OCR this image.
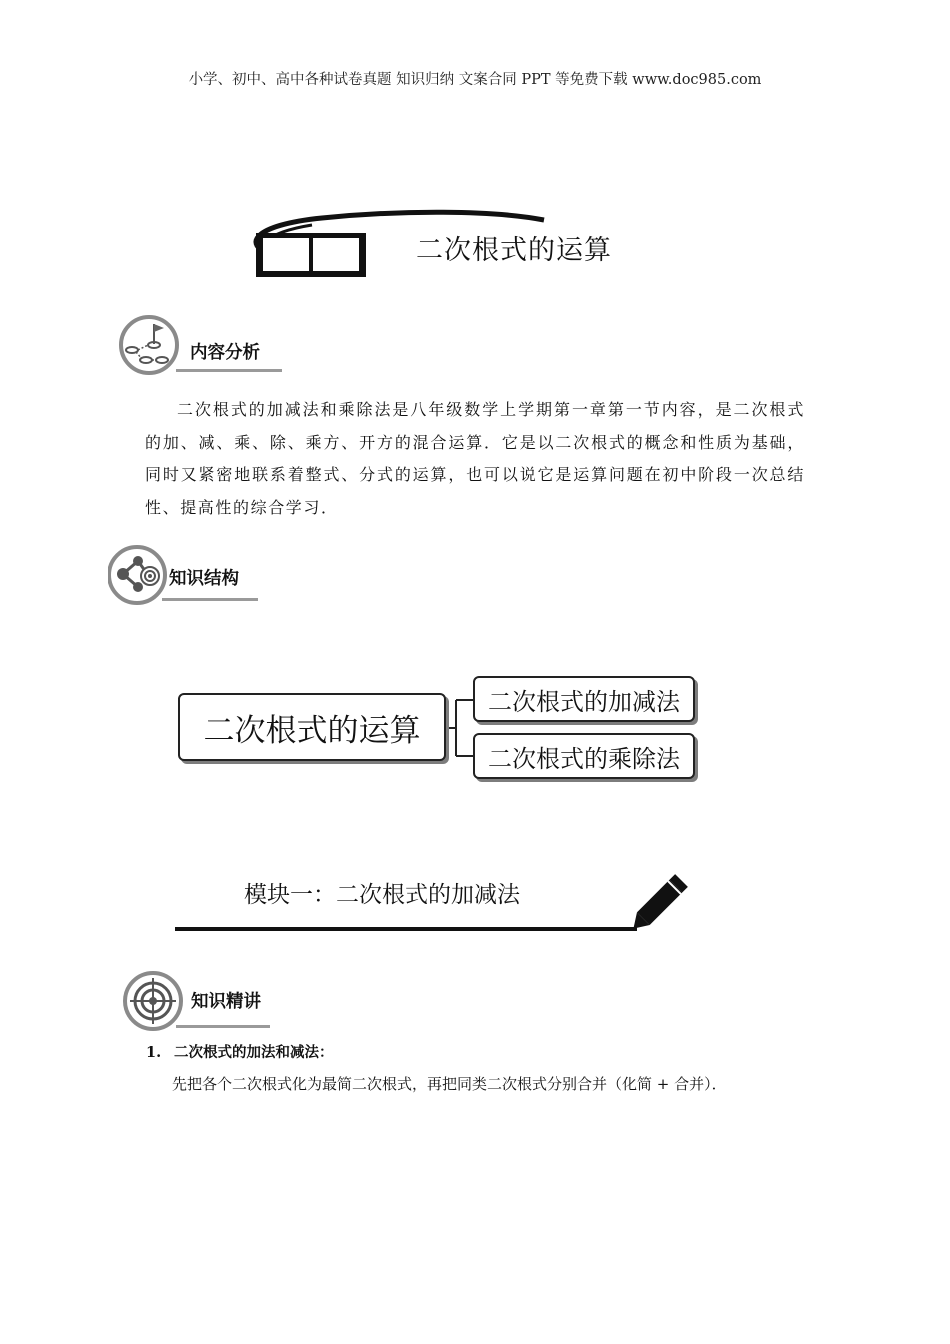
小学、初中、高中各种试卷真题 知识归纳 文案合同 PPT 等免费下载 www.doc985.com
二次根式的运算
内容分析

二次根式的加减法和乘除法是八年级数学上学期第一章第一节内容，是二次根式的加、减、乘、除、乘方、开方的混合运算．它是以二次根式的概念和性质为基础，同时又紧密地联系着整式、分式的运算，也可以说它是运算问题在初中阶段一次总结性、提高性的综合学习．

知识结构
二次根式的运算
二次根式的加减法
二次根式的乘除法
模块一：二次根式的加减法
知识精讲
1. 二次根式的加法和减法：
先把各个二次根式化为最简二次根式，再把同类二次根式分别合并（化简 + 合并）．
